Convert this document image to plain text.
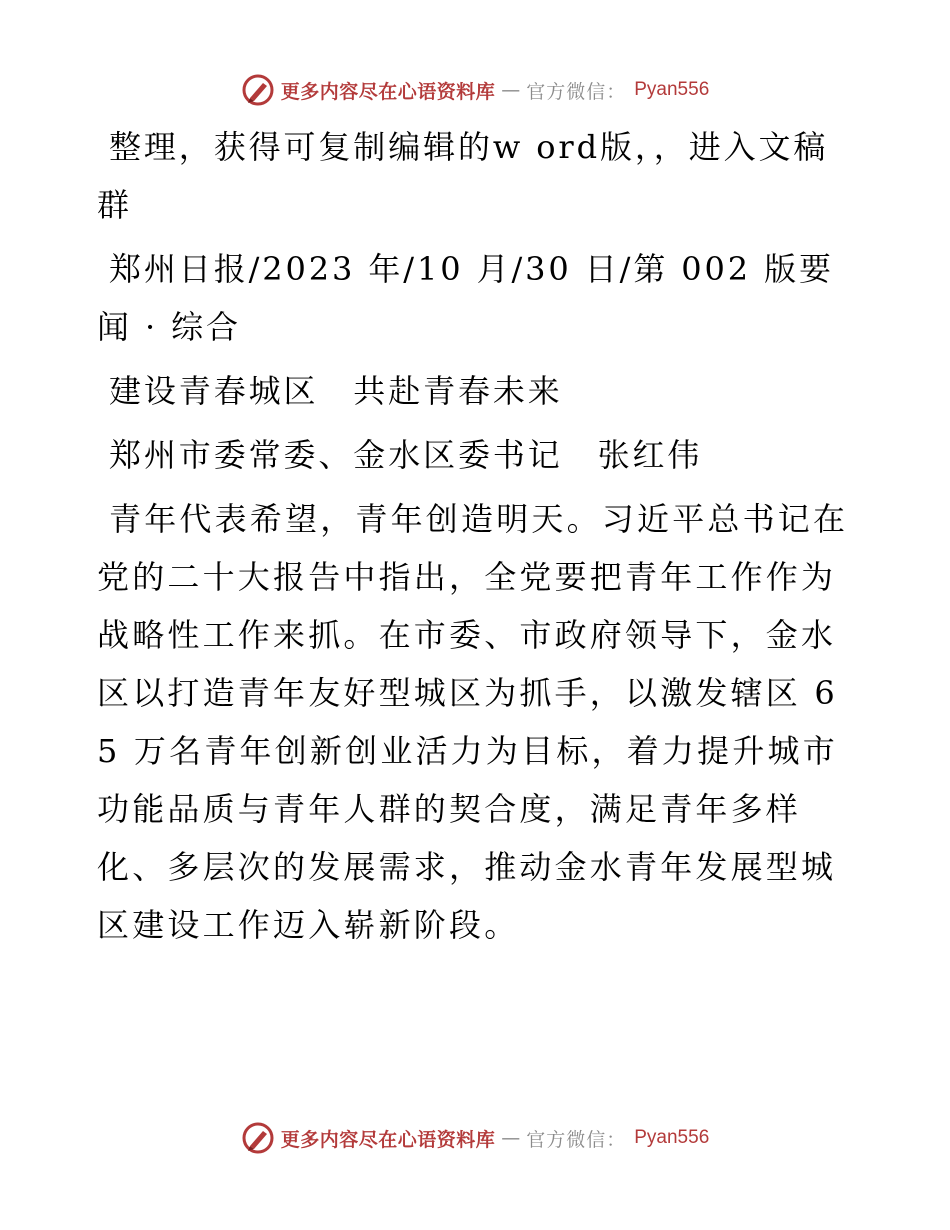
更多内容尽在心语资料库 — 官方微信： Pyan556

整理，获得可复制编辑的w ord版，，进入文稿群

郑州日报/2023 年/10 月/30 日/第 002 版要闻 · 综合

建设青春城区　共赴青春未来

郑州市委常委、金水区委书记　张红伟

青年代表希望，青年创造明天。习近平总书记在党的二十大报告中指出，全党要把青年工作作为战略性工作来抓。在市委、市政府领导下，金水区以打造青年友好型城区为抓手，以激发辖区 65 万名青年创新创业活力为目标，着力提升城市功能品质与青年人群的契合度，满足青年多样化、多层次的发展需求，推动金水青年发展型城区建设工作迈入崭新阶段。

更多内容尽在心语资料库 — 官方微信： Pyan556
